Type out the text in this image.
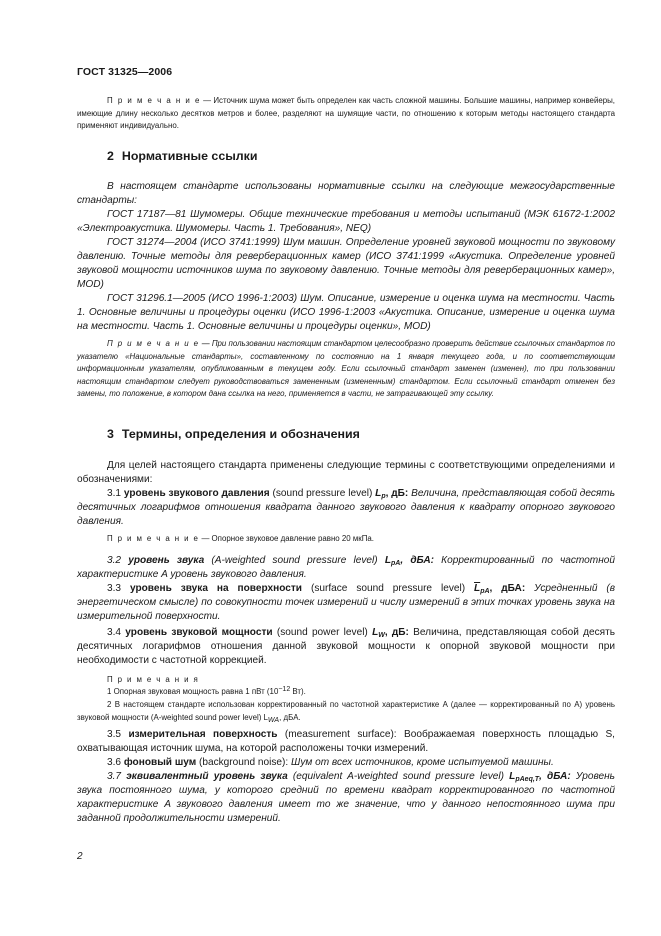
ГОСТ 31325—2006
П р и м е ч а н и е — Источник шума может быть определен как часть сложной машины. Большие машины, например конвейеры, имеющие длину несколько десятков метров и более, разделяют на шумящие части, по отношению к которым методы настоящего стандарта применяют индивидуально.
2 Нормативные ссылки
В настоящем стандарте использованы нормативные ссылки на следующие межгосударственные стандарты:
ГОСТ 17187—81 Шумомеры. Общие технические требования и методы испытаний (МЭК 61672-1:2002 «Электроакустика. Шумомеры. Часть 1. Требования», NEQ)
ГОСТ 31274—2004 (ИСО 3741:1999) Шум машин. Определение уровней звуковой мощности по звуковому давлению. Точные методы для реверберационных камер (ИСО 3741:1999 «Акустика. Определение уровней звуковой мощности источников шума по звуковому давлению. Точные методы для реверберационных камер», MOD)
ГОСТ 31296.1—2005 (ИСО 1996-1:2003) Шум. Описание, измерение и оценка шума на местности. Часть 1. Основные величины и процедуры оценки (ИСО 1996-1:2003 «Акустика. Описание, измерение и оценка шума на местности. Часть 1. Основные величины и процедуры оценки», MOD)
П р и м е ч а н и е — При пользовании настоящим стандартом целесообразно проверить действие ссылочных стандартов по указателю «Национальные стандарты», составленному по состоянию на 1 января текущего года, и по соответствующим информационным указателям, опубликованным в текущем году. Если ссылочный стандарт заменен (изменен), то при пользовании настоящим стандартом следует руководствоваться замененным (измененным) стандартом. Если ссылочный стандарт отменен без замены, то положение, в котором дана ссылка на него, применяется в части, не затрагивающей эту ссылку.
3 Термины, определения и обозначения
Для целей настоящего стандарта применены следующие термины с соответствующими определениями и обозначениями:
3.1 уровень звукового давления (sound pressure level) $L_p$, дБ: Величина, представляющая собой десять десятичных логарифмов отношения квадрата данного звукового давления к квадрату опорного звукового давления.
П р и м е ч а н и е — Опорное звуковое давление равно 20 мкПа.
3.2 уровень звука (A-weighted sound pressure level) $L_{pA}$, дБА: Корректированный по частотной характеристике A уровень звукового давления.
3.3 уровень звука на поверхности (surface sound pressure level) $\overline{L}_{pA}$, дБА: Усредненный (в энергетическом смысле) по совокупности точек измерений и числу измерений в этих точках уровень звука на измерительной поверхности.
3.4 уровень звуковой мощности (sound power level) $L_W$, дБ: Величина, представляющая собой десять десятичных логарифмов отношения данной звуковой мощности к опорной звуковой мощности при необходимости с частотной коррекцией.
П р и м е ч а н и я
1 Опорная звуковая мощность равна 1 пВт ($10^{-12}$ Вт).
2 В настоящем стандарте использован корректированный по частотной характеристике A (далее — корректированный по A) уровень звуковой мощности (A-weighted sound power level) $L_{WA}$, дБA.
3.5 измерительная поверхность (measurement surface): Воображаемая поверхность площадью S, охватывающая источник шума, на которой расположены точки измерений.
3.6 фоновый шум (background noise): Шум от всех источников, кроме испытуемой машины.
3.7 эквивалентный уровень звука (equivalent A-weighted sound pressure level) $L_{pAeq,T}$, дБА: Уровень звука постоянного шума, у которого средний по времени квадрат корректированного по частотной характеристике A звукового давления имеет то же значение, что у данного непостоянного шума при заданной продолжительности измерений.
2
